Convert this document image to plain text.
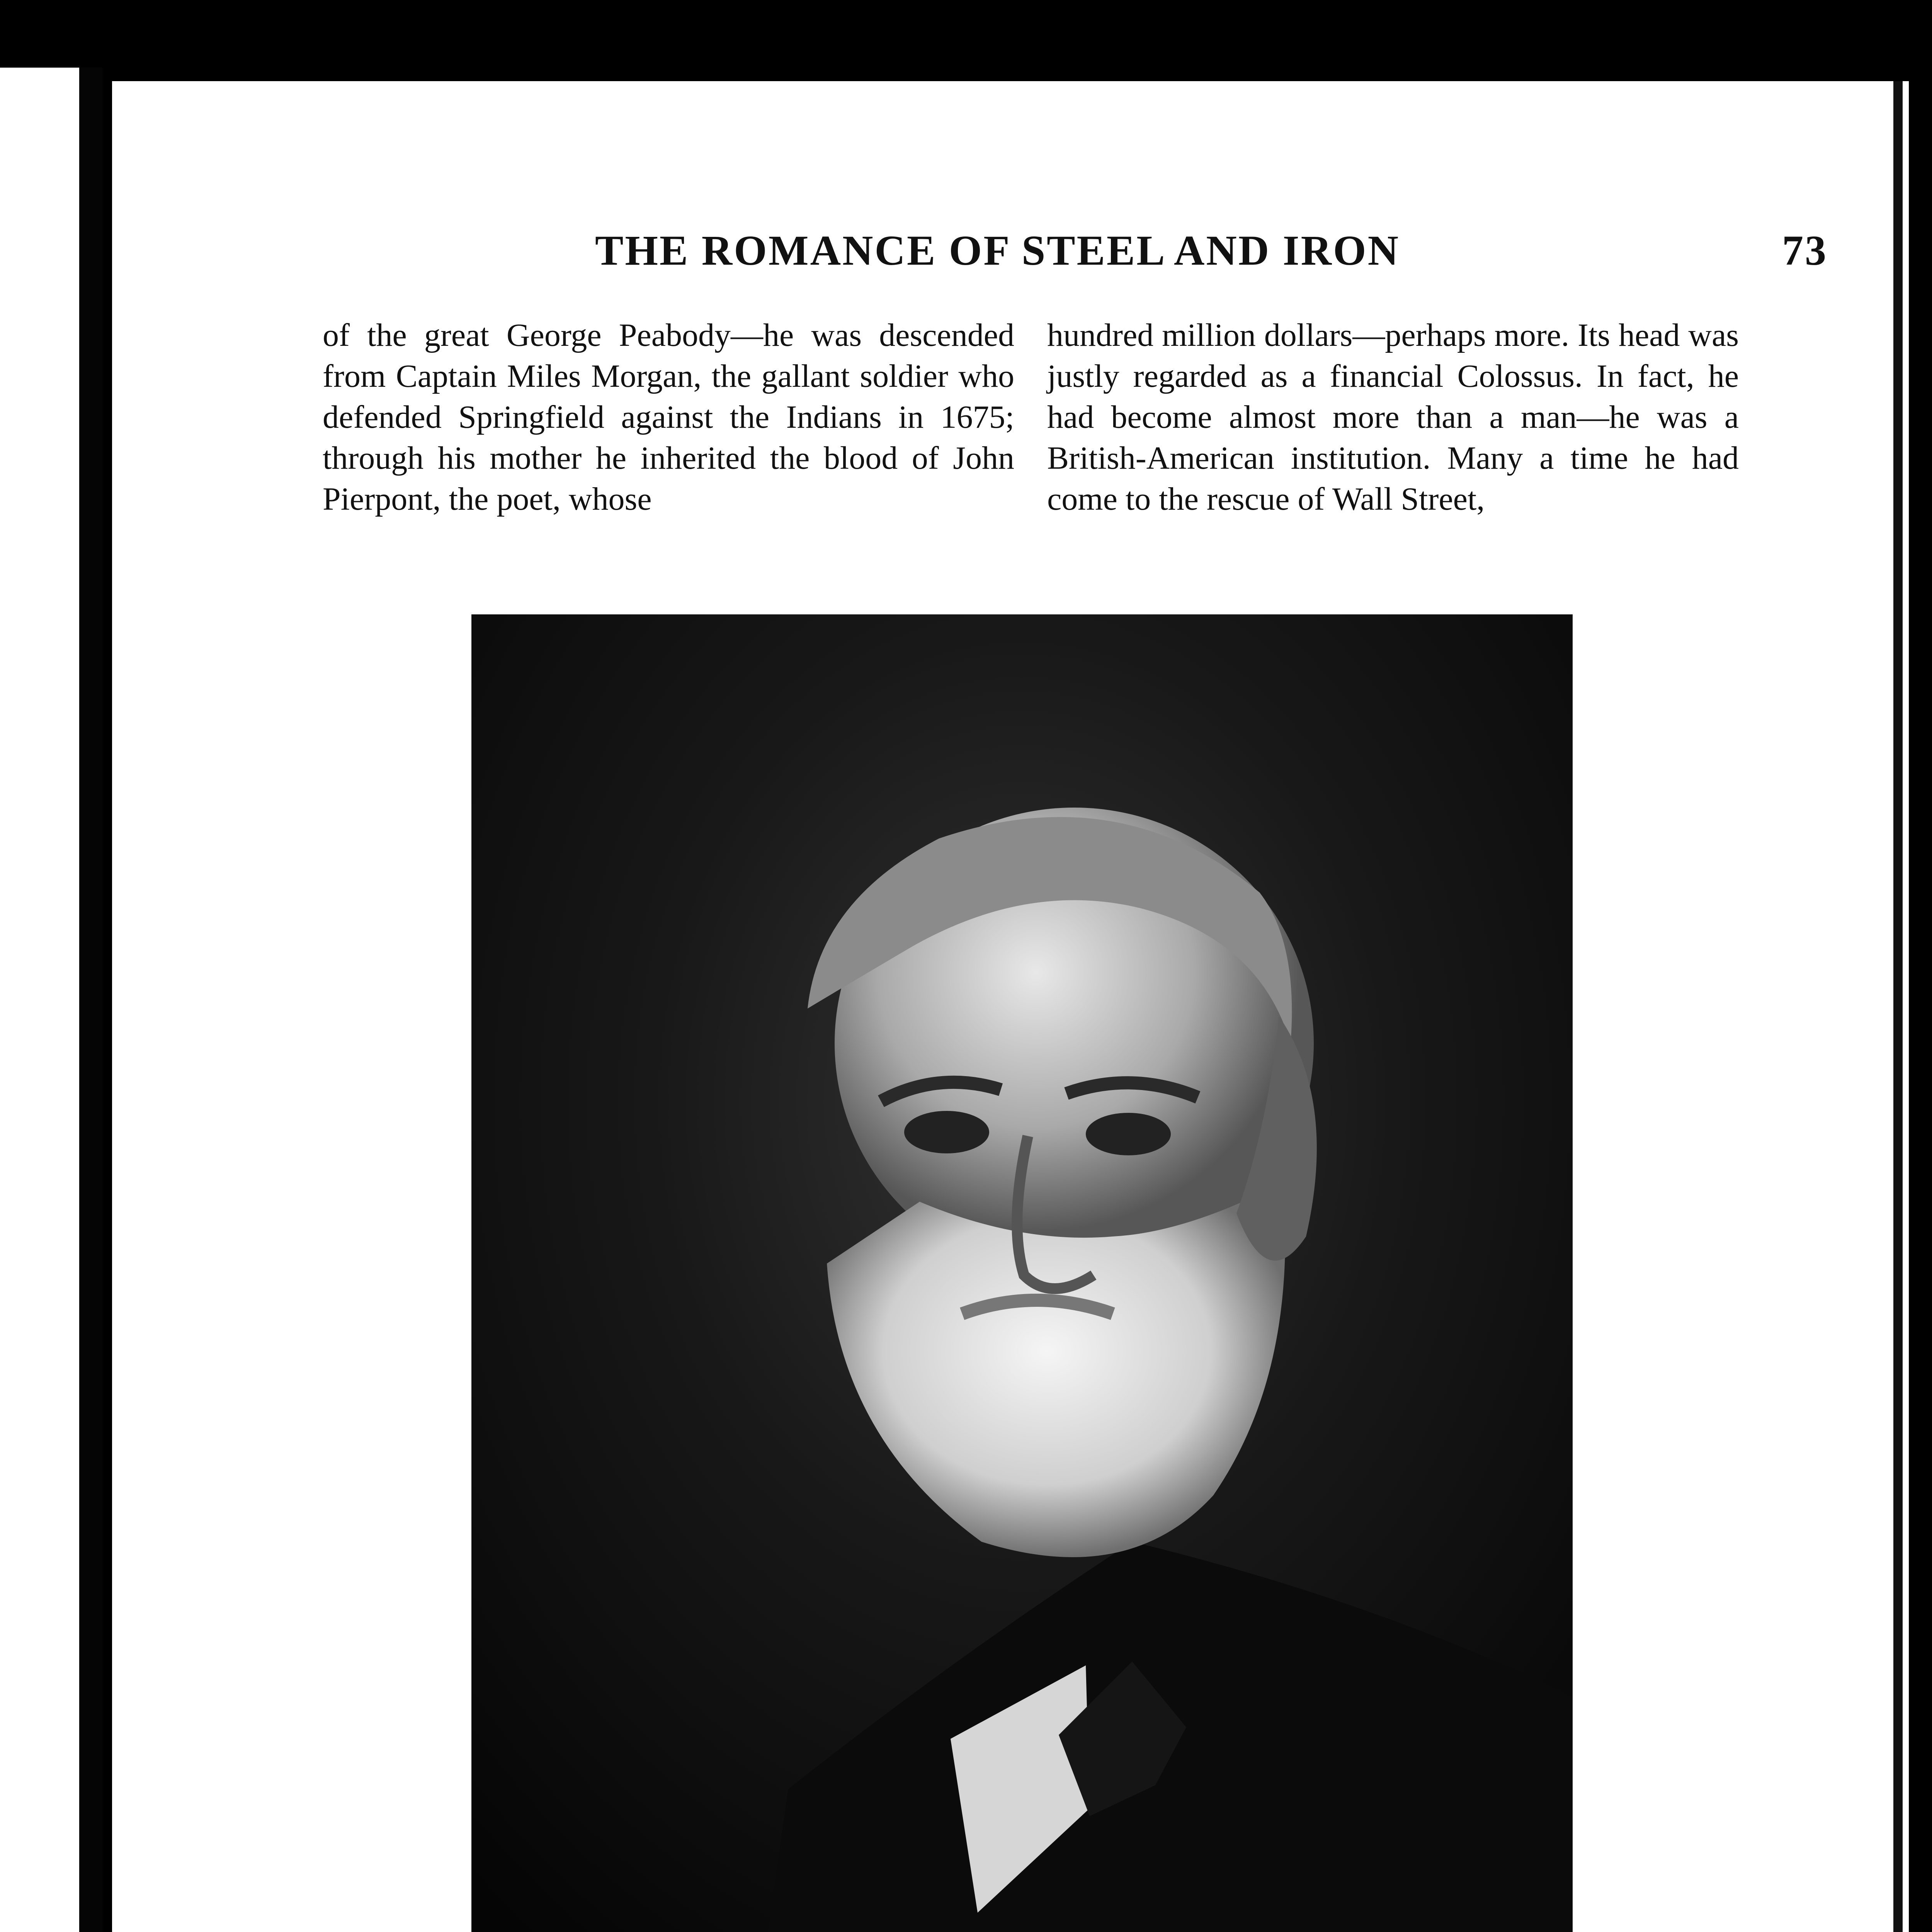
THE ROMANCE OF STEEL AND IRON	73

of the great George Peabody—he was descended from Captain Miles Morgan, the gallant soldier who defended Springfield against the Indians in 1675; through his mother he inherited the blood of John Pierpont, the poet, whose

hundred million dollars—perhaps more. Its head was justly regarded as a financial Colossus. In fact, he had become almost more than a man—he was a British-American institution. Many a time he had come to the rescue of Wall Street,
